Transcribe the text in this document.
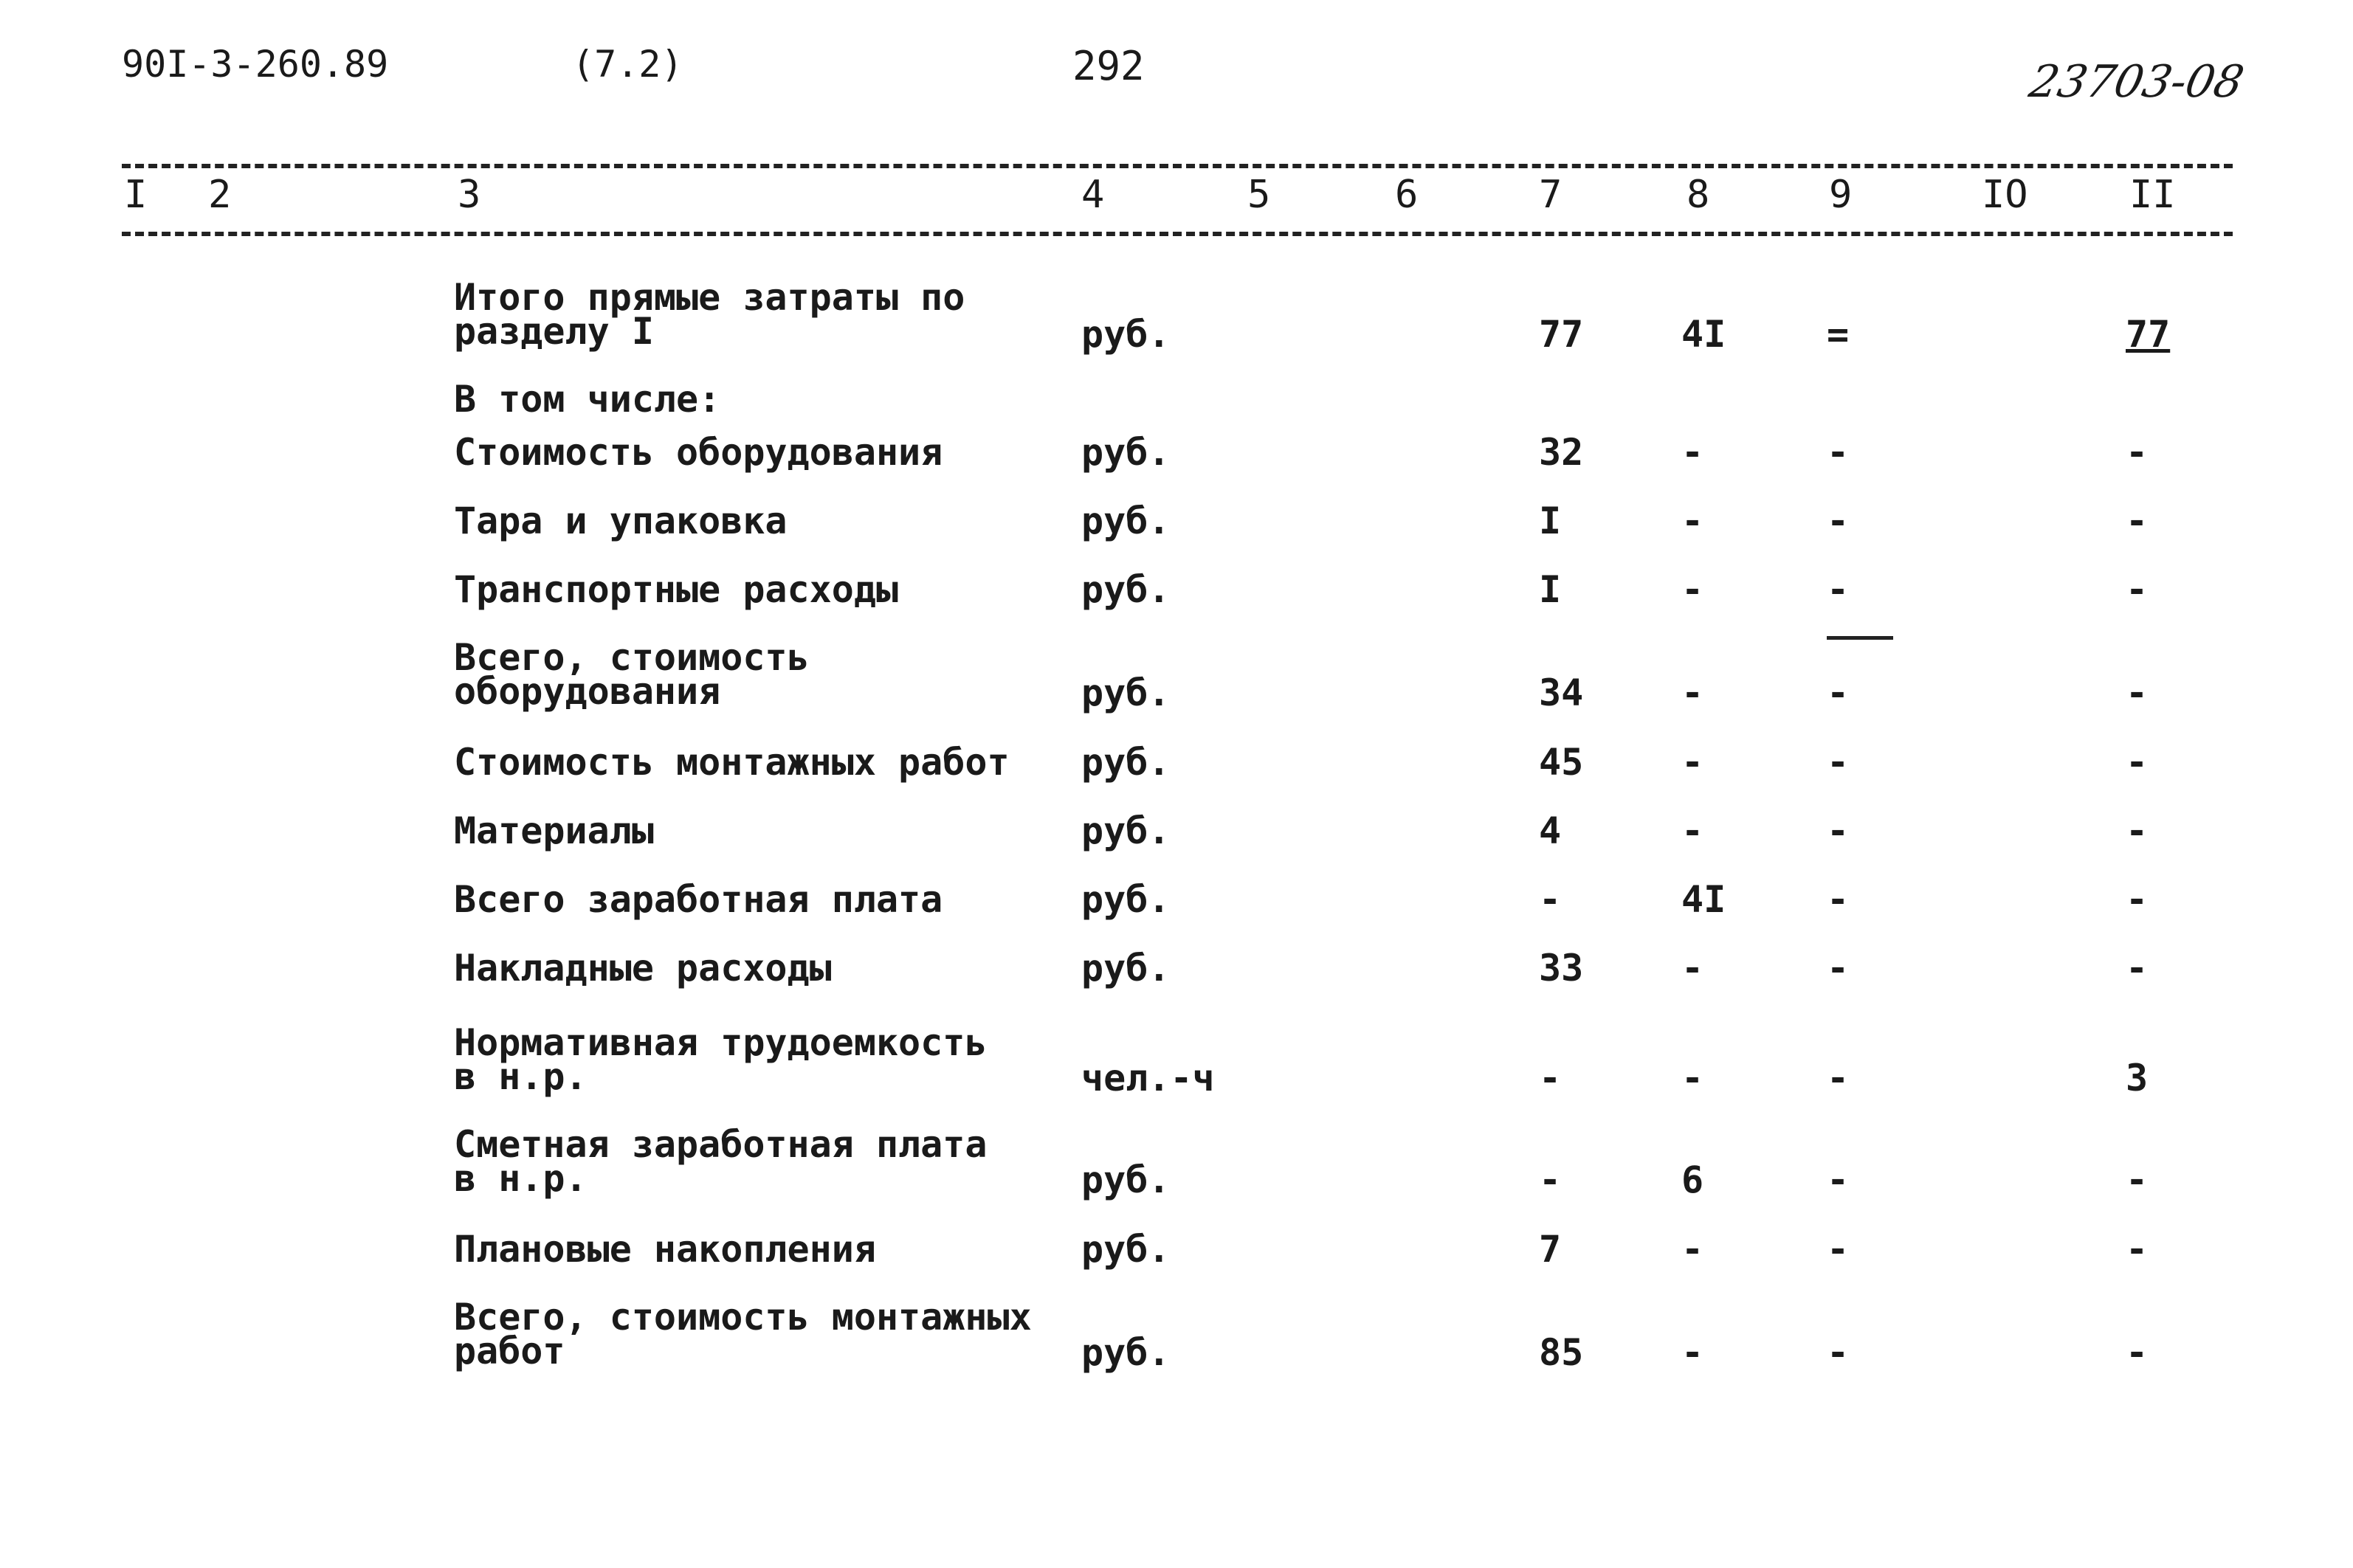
90I-3-260.89	(7.2)	292	23703-08
I 2	3	4	5	6	7	8	9	IO	II
Итого прямые затраты по
разделу I	руб.	77	4I	=	77
В том числе:
Стоимость оборудования	руб.	32	-	-	-
Тара и упаковка	руб.	I	-	-	-
Транспортные расходы	руб.	I	-	-	-
Всего, стоимость
оборудования	руб.	34	-	-	-
Стоимость монтажных работ руб.	45	-	-	-
Материалы	руб.	4	-	-	-
Всего заработная плата	руб.	-	4I	-	-
Накладные расходы	руб.	33	-	-	-
Нормативная трудоемкость
в н.р.	чел.-ч	-	-	-	3
Сметная заработная плата
в н.р.	руб.	-	6	-	-
Плановые накопления	руб.	7	-	-	-
Всего, стоимость монтажных
работ	руб.	85	-	-	-
